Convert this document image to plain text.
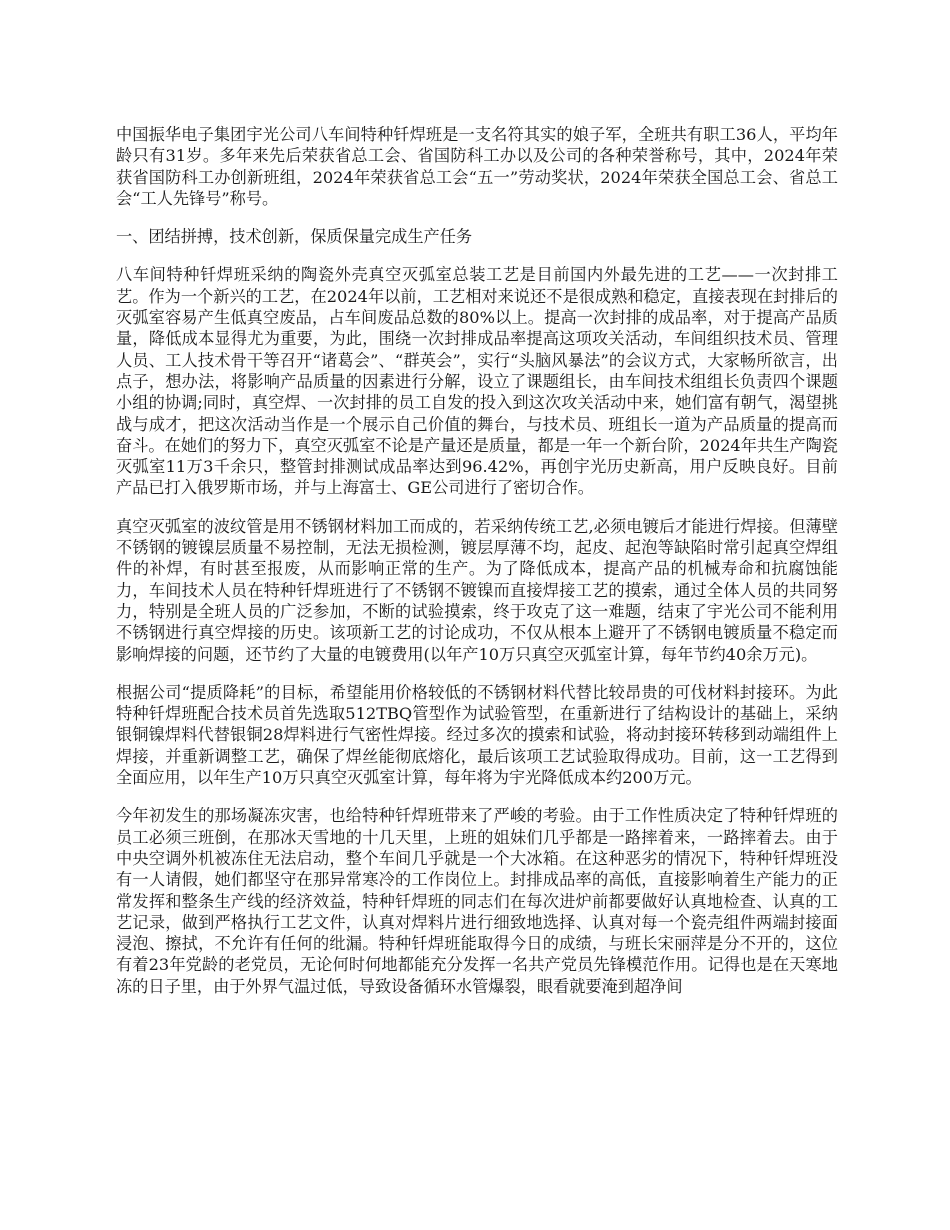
中国振华电子集团宇光公司八车间特种钎焊班是一支名符其实的娘子军，全班共有职工36人，平均年龄只有31岁。多年来先后荣获省总工会、省国防科工办以及公司的各种荣誉称号，其中，2024年荣获省国防科工办创新班组，2024年荣获省总工会“五一”劳动奖状，2024年荣获全国总工会、省总工会“工人先锋号”称号。

一、团结拼搏，技术创新，保质保量完成生产任务

八车间特种钎焊班采纳的陶瓷外壳真空灭弧室总装工艺是目前国内外最先进的工艺——一次封排工艺。作为一个新兴的工艺，在2024年以前，工艺相对来说还不是很成熟和稳定，直接表现在封排后的灭弧室容易产生低真空废品，占车间废品总数的80%以上。提高一次封排的成品率，对于提高产品质量，降低成本显得尤为重要，为此，围绕一次封排成品率提高这项攻关活动，车间组织技术员、管理人员、工人技术骨干等召开“诸葛会”、“群英会”，实行“头脑风暴法”的会议方式，大家畅所欲言，出点子，想办法，将影响产品质量的因素进行分解，设立了课题组长，由车间技术组组长负责四个课题小组的协调;同时，真空焊、一次封排的员工自发的投入到这次攻关活动中来，她们富有朝气，渴望挑战与成才，把这次活动当作是一个展示自己价值的舞台，与技术员、班组长一道为产品质量的提高而奋斗。在她们的努力下，真空灭弧室不论是产量还是质量，都是一年一个新台阶，2024年共生产陶瓷灭弧室11万3千余只，整管封排测试成品率达到96.42%，再创宇光历史新高，用户反映良好。目前产品已打入俄罗斯市场，并与上海富士、GE公司进行了密切合作。

真空灭弧室的波纹管是用不锈钢材料加工而成的，若采纳传统工艺,必须电镀后才能进行焊接。但薄壁不锈钢的镀镍层质量不易控制，无法无损检测，镀层厚薄不均，起皮、起泡等缺陷时常引起真空焊组件的补焊，有时甚至报废，从而影响正常的生产。为了降低成本，提高产品的机械寿命和抗腐蚀能力，车间技术人员在特种钎焊班进行了不锈钢不镀镍而直接焊接工艺的摸索，通过全体人员的共同努力，特别是全班人员的广泛参加，不断的试验摸索，终于攻克了这一难题，结束了宇光公司不能利用不锈钢进行真空焊接的历史。该项新工艺的讨论成功，不仅从根本上避开了不锈钢电镀质量不稳定而影响焊接的问题，还节约了大量的电镀费用(以年产10万只真空灭弧室计算，每年节约40余万元)。

根据公司“提质降耗”的目标，希望能用价格较低的不锈钢材料代替比较昂贵的可伐材料封接环。为此特种钎焊班配合技术员首先选取512TBQ管型作为试验管型，在重新进行了结构设计的基础上，采纳银铜镍焊料代替银铜28焊料进行气密性焊接。经过多次的摸索和试验，将动封接环转移到动端组件上焊接，并重新调整工艺，确保了焊丝能彻底熔化，最后该项工艺试验取得成功。目前，这一工艺得到全面应用，以年生产10万只真空灭弧室计算，每年将为宇光降低成本约200万元。

今年初发生的那场凝冻灾害，也给特种钎焊班带来了严峻的考验。由于工作性质决定了特种钎焊班的员工必须三班倒，在那冰天雪地的十几天里，上班的姐妹们几乎都是一路摔着来，一路摔着去。由于中央空调外机被冻住无法启动，整个车间几乎就是一个大冰箱。在这种恶劣的情况下，特种钎焊班没有一人请假，她们都坚守在那异常寒冷的工作岗位上。封排成品率的高低，直接影响着生产能力的正常发挥和整条生产线的经济效益，特种钎焊班的同志们在每次进炉前都要做好认真地检查、认真的工艺记录，做到严格执行工艺文件，认真对焊料片进行细致地选择、认真对每一个瓷壳组件两端封接面浸泡、擦拭，不允许有任何的纰漏。特种钎焊班能取得今日的成绩，与班长宋丽萍是分不开的，这位有着23年党龄的老党员，无论何时何地都能充分发挥一名共产党员先锋模范作用。记得也是在天寒地冻的日子里，由于外界气温过低，导致设备循环水管爆裂，眼看就要淹到超净间
